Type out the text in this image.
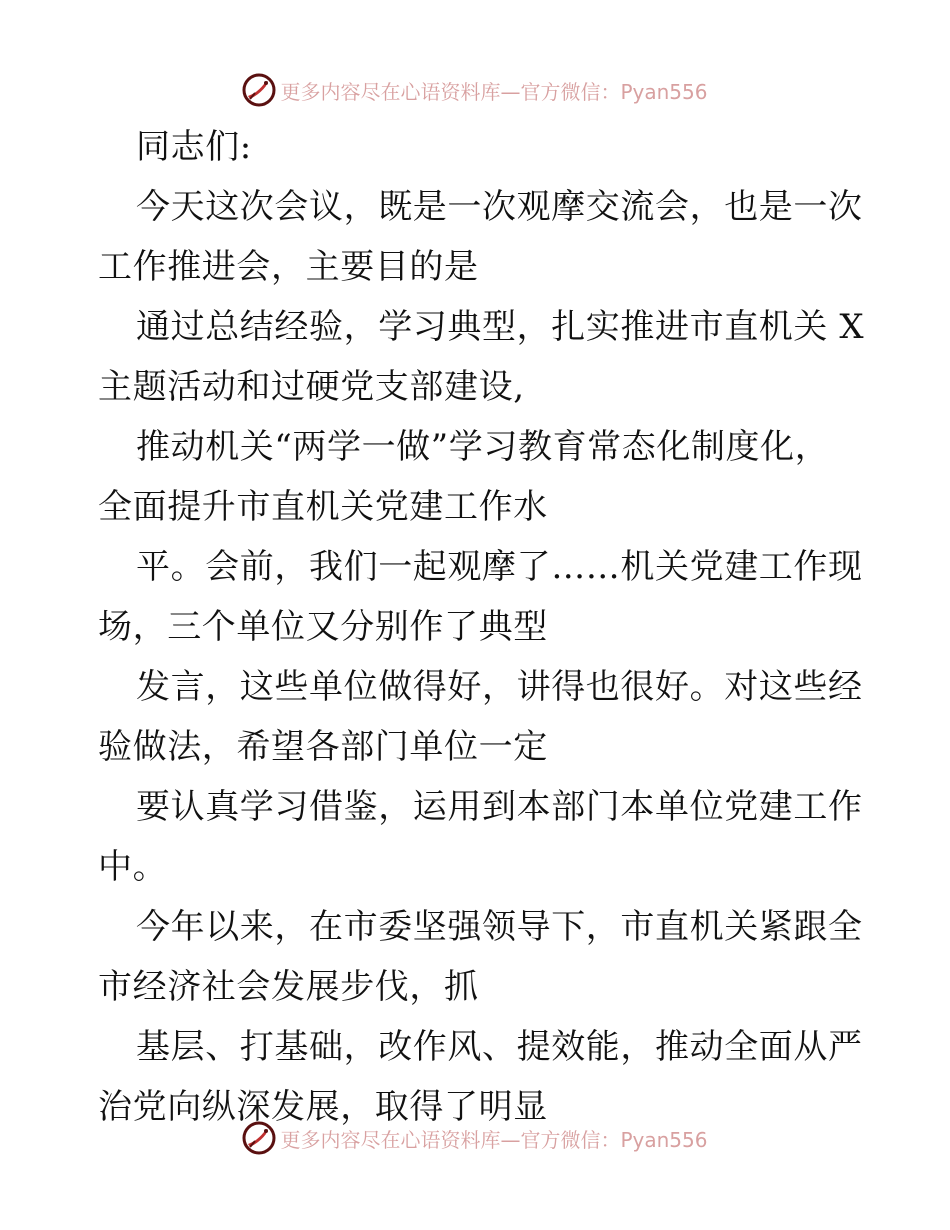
更多内容尽在心语资料库—官方微信：Pyan556
同志们:
今天这次会议，既是一次观摩交流会，也是一次
工作推进会，主要目的是
通过总结经验，学习典型，扎实推进市直机关 X
主题活动和过硬党支部建设,
推动机关“两学一做”学习教育常态化制度化，
全面提升市直机关党建工作水
平。会前，我们一起观摩了……机关党建工作现
场，三个单位又分别作了典型
发言，这些单位做得好，讲得也很好。对这些经
验做法，希望各部门单位一定
要认真学习借鉴，运用到本部门本单位党建工作
中。
今年以来，在市委坚强领导下，市直机关紧跟全
市经济社会发展步伐，抓
基层、打基础，改作风、提效能，推动全面从严
治党向纵深发展，取得了明显
更多内容尽在心语资料库—官方微信：Pyan556
